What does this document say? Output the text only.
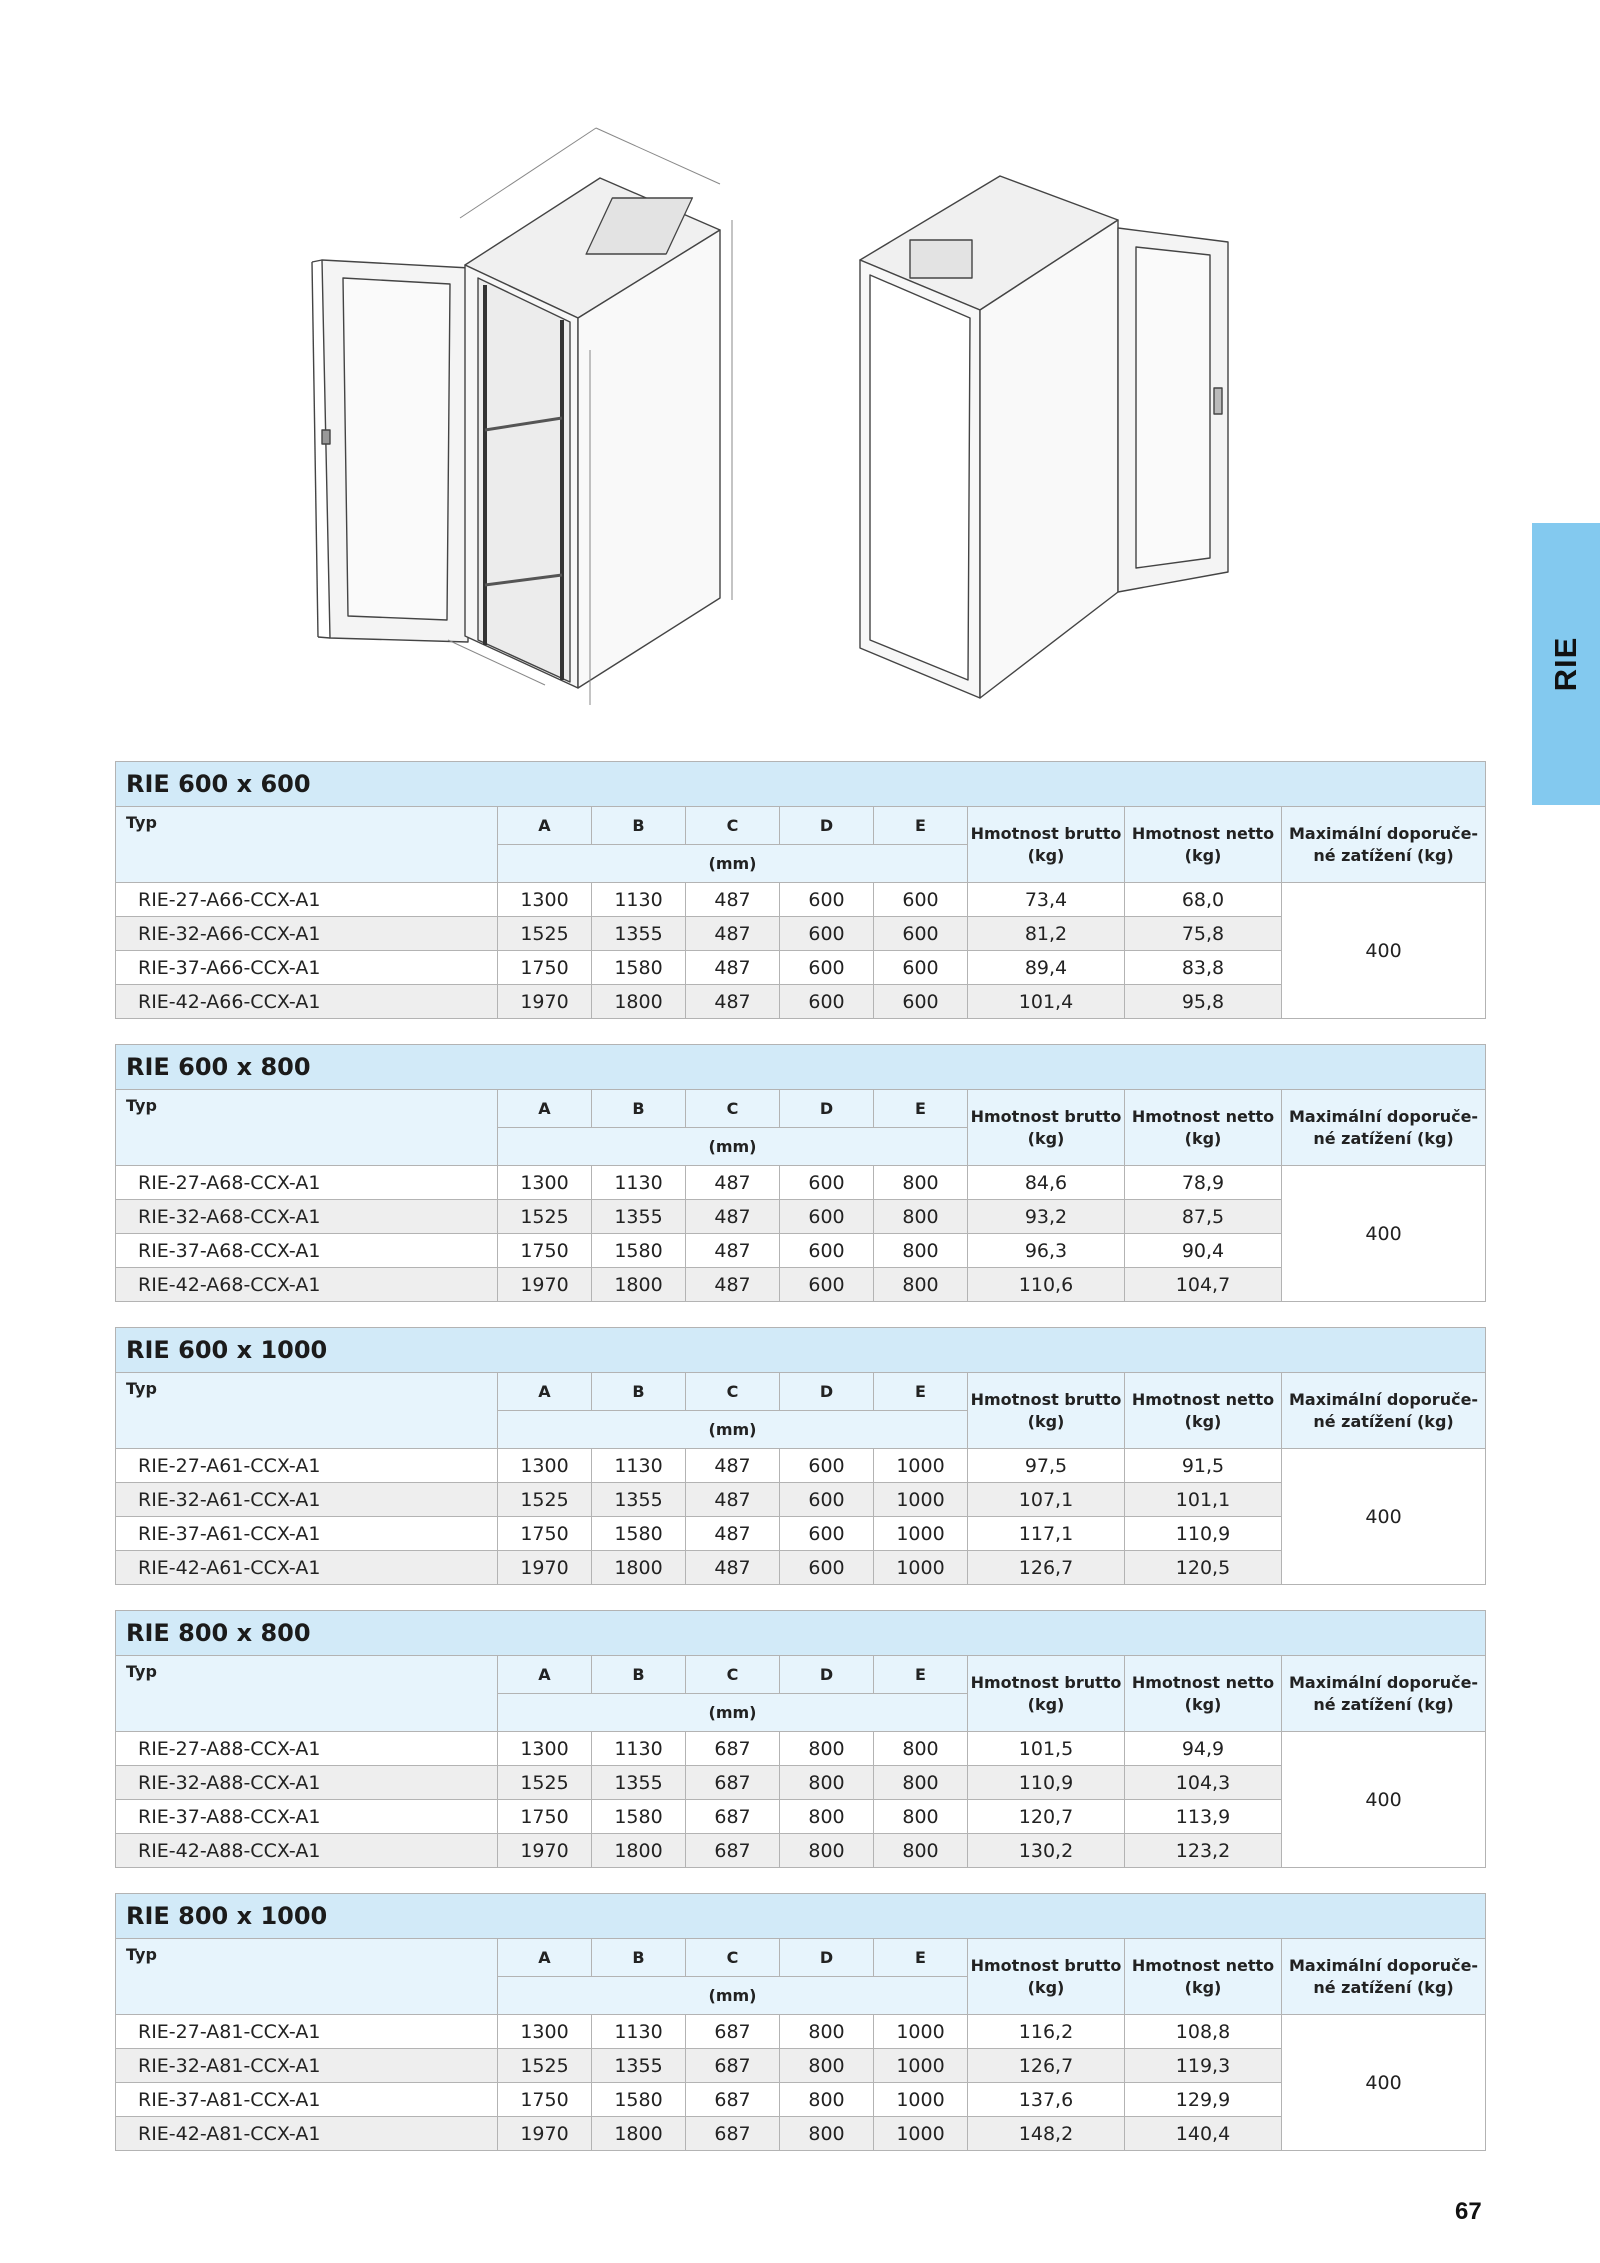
RIE
RIE 600 x 600								
Typ	A	B	C	D	E	Hmotnost brutto (kg)	Hmotnost netto (kg)	Maximální doporuče-né zatížení (kg)
	(mm)							
RIE-27-A66-CCX-A1	1300	1130	487	600	600	73,4	68,0	400
RIE-32-A66-CCX-A1	1525	1355	487	600	600	81,2	75,8	
RIE-37-A66-CCX-A1	1750	1580	487	600	600	89,4	83,8	
RIE-42-A66-CCX-A1	1970	1800	487	600	600	101,4	95,8	
RIE 600 x 800								
Typ	A	B	C	D	E	Hmotnost brutto (kg)	Hmotnost netto (kg)	Maximální doporuče-né zatížení (kg)
	(mm)							
RIE-27-A68-CCX-A1	1300	1130	487	600	800	84,6	78,9	400
RIE-32-A68-CCX-A1	1525	1355	487	600	800	93,2	87,5	
RIE-37-A68-CCX-A1	1750	1580	487	600	800	96,3	90,4	
RIE-42-A68-CCX-A1	1970	1800	487	600	800	110,6	104,7	
RIE 600 x 1000								
Typ	A	B	C	D	E	Hmotnost brutto (kg)	Hmotnost netto (kg)	Maximální doporuče-né zatížení (kg)
	(mm)							
RIE-27-A61-CCX-A1	1300	1130	487	600	1000	97,5	91,5	400
RIE-32-A61-CCX-A1	1525	1355	487	600	1000	107,1	101,1	
RIE-37-A61-CCX-A1	1750	1580	487	600	1000	117,1	110,9	
RIE-42-A61-CCX-A1	1970	1800	487	600	1000	126,7	120,5	
RIE 800 x 800								
Typ	A	B	C	D	E	Hmotnost brutto (kg)	Hmotnost netto (kg)	Maximální doporuče-né zatížení (kg)
	(mm)							
RIE-27-A88-CCX-A1	1300	1130	687	800	800	101,5	94,9	400
RIE-32-A88-CCX-A1	1525	1355	687	800	800	110,9	104,3	
RIE-37-A88-CCX-A1	1750	1580	687	800	800	120,7	113,9	
RIE-42-A88-CCX-A1	1970	1800	687	800	800	130,2	123,2	
RIE 800 x 1000								
Typ	A	B	C	D	E	Hmotnost brutto (kg)	Hmotnost netto (kg)	Maximální doporuče-né zatížení (kg)
	(mm)							
RIE-27-A81-CCX-A1	1300	1130	687	800	1000	116,2	108,8	400
RIE-32-A81-CCX-A1	1525	1355	687	800	1000	126,7	119,3	
RIE-37-A81-CCX-A1	1750	1580	687	800	1000	137,6	129,9	
RIE-42-A81-CCX-A1	1970	1800	687	800	1000	148,2	140,4	
67
